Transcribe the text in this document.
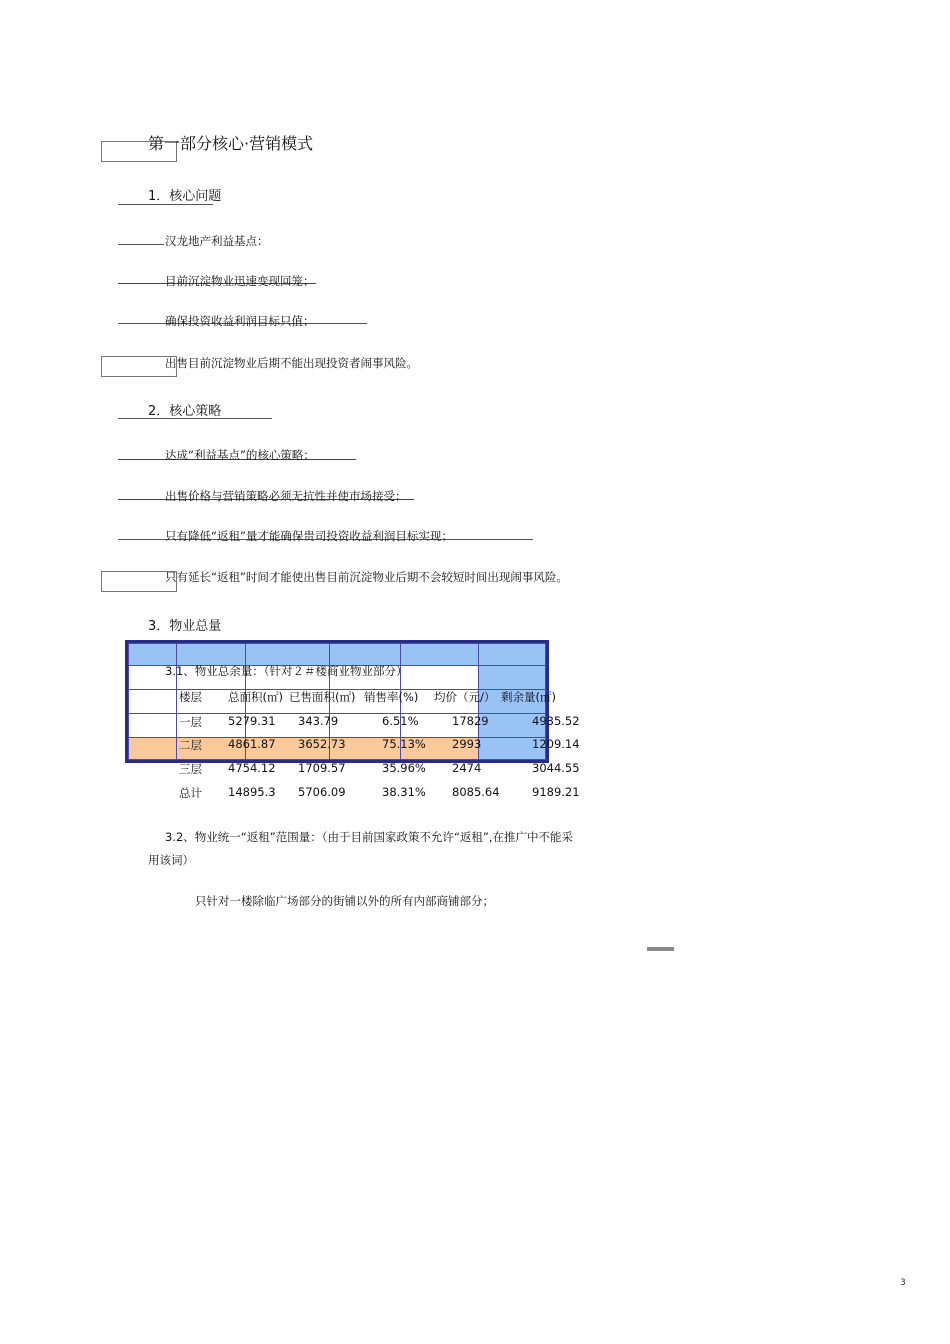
第一部分核心·营销模式
1．核心问题
汉龙地产利益基点：
目前沉淀物业迅速变现回笼；
确保投资收益利润目标只值；
出售目前沉淀物业后期不能出现投资者闹事风险。
2．核心策略
达成“利益基点”的核心策略：
出售价格与营销策略必须无抗性并使市场接受；
只有降低“返租”量才能确保贵司投资收益利润目标实现；
只有延长“返租”时间才能使出售目前沉淀物业后期不会较短时间出现闹事风险。
3．物业总量
3.1、物业总余量：（针对２＃楼商业物业部分）
楼层 总面积(㎡) 已售面积(㎡) 销售率(%) 均价（元/） 剩余量(㎡)
一层 5279.31 343.79	6.51%	17829	4935.52
二层 4861.87 3652.73	75.13% 2993	1209.14
三层 4754.12 1709.57	35.96% 2474	3044.55
总计 14895.3 5706.09	38.31% 8085.64	9189.21
3.2、物业统一“返租”范围量：（由于目前国家政策不允许“返租”,在推广中不能采
用该词）
只针对一楼除临广场部分的街铺以外的所有内部商铺部分；
3
